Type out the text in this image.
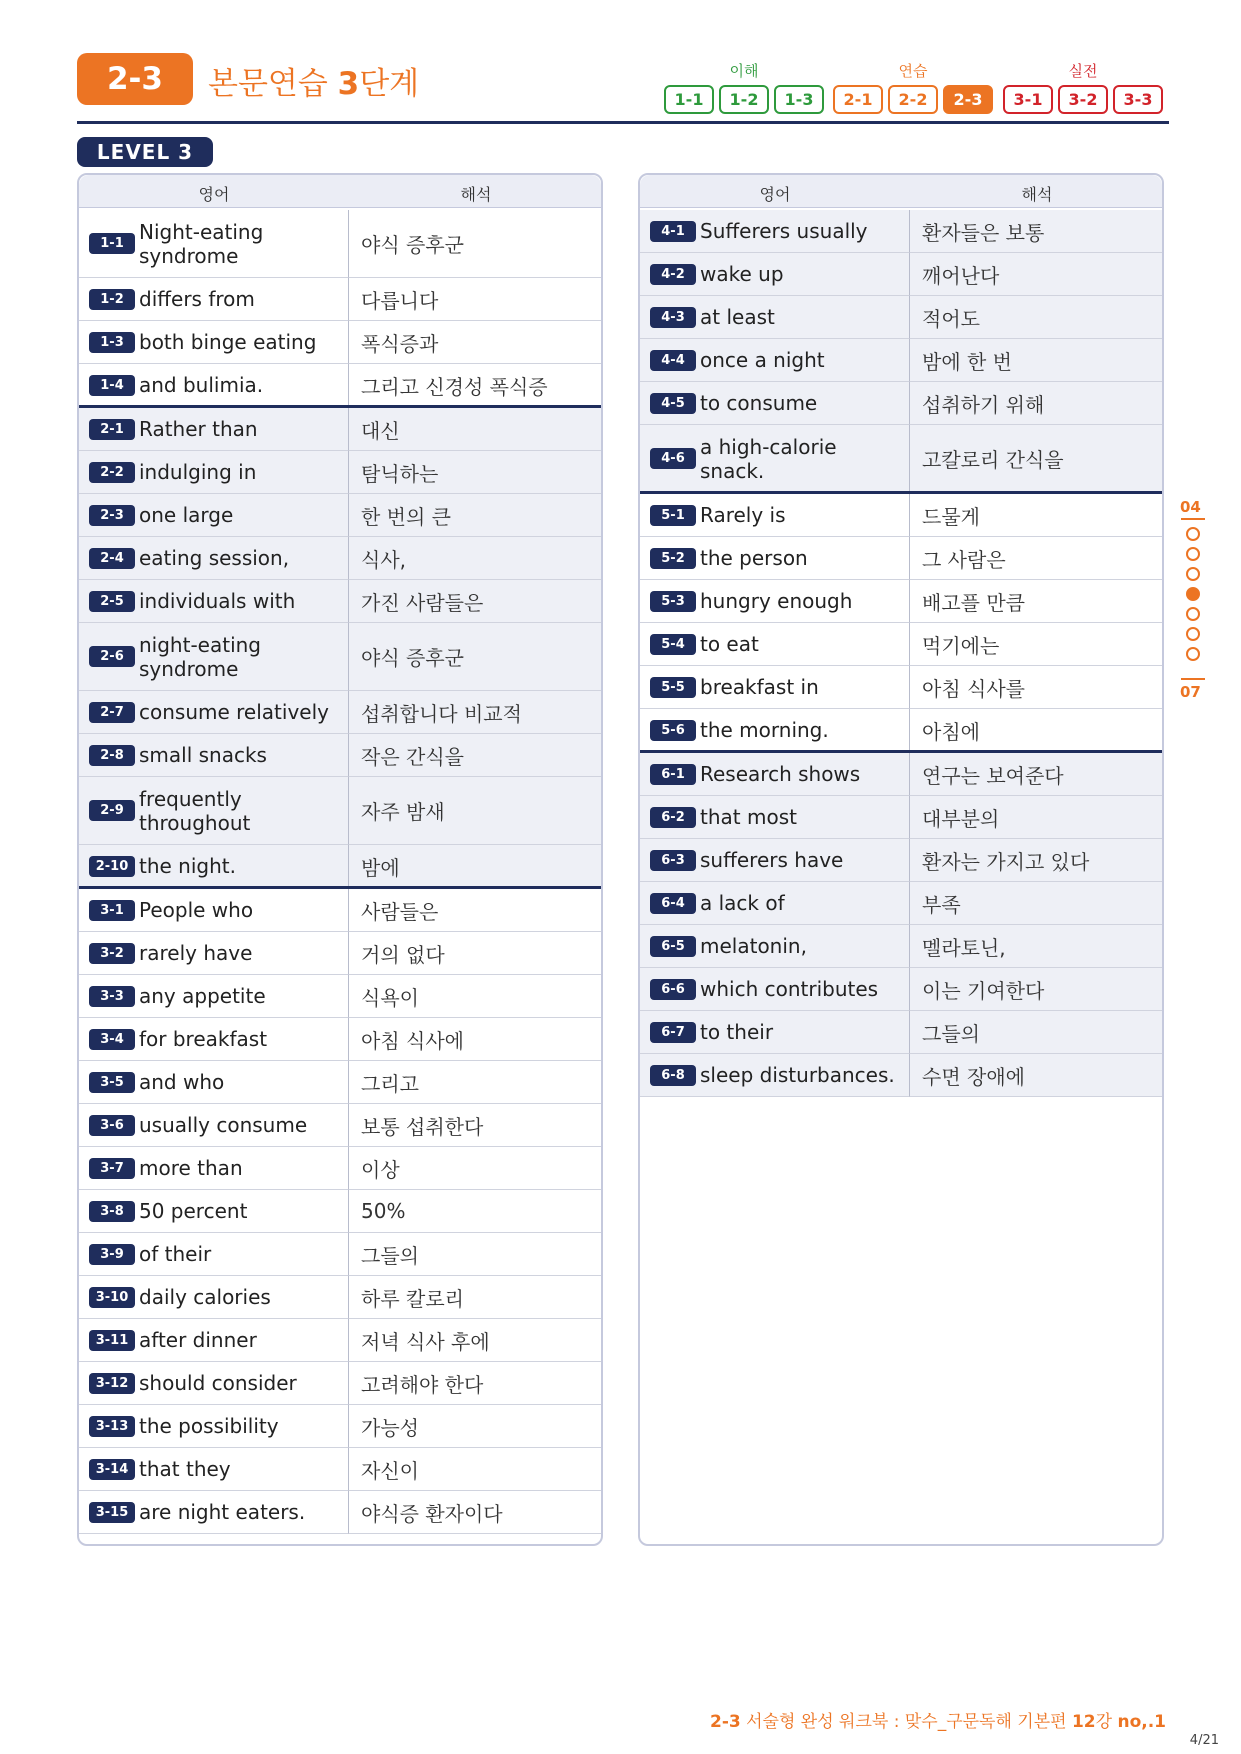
2-3	본문연습 3단계	이해
1-1	1-2	1-3
연습
2-1	2-2	2-3
실전
3-1	3-2	3-3
LEVEL 3
영어	해석
1-1 Night-eating syndrome	야식 증후군
1-2 differs from	다릅니다
1-3 both binge eating	폭식증과
1-4 and bulimia.	그리고 신경성 폭식증
2-1 Rather than	대신
2-2 indulging in	탐닉하는
2-3 one large	한 번의 큰
2-4 eating session,	식사,
2-5 individuals with	가진 사람들은
2-6 night-eating syndrome	야식 증후군
2-7 consume relatively	섭취합니다 비교적
2-8 small snacks	작은 간식을
2-9 frequently throughout	자주 밤새
2-10 the night.	밤에
3-1 People who	사람들은
3-2 rarely have	거의 없다
3-3 any appetite	식욕이
3-4 for breakfast	아침 식사에
3-5 and who	그리고
3-6 usually consume	보통 섭취한다
3-7 more than	이상
3-8 50 percent	50%
3-9 of their	그들의
3-10 daily calories	하루 칼로리
3-11 after dinner	저녁 식사 후에
3-12 should consider	고려해야 한다
3-13 the possibility	가능성
3-14 that they	자신이
3-15 are night eaters.	야식증 환자이다
영어	해석
4-1 Sufferers usually	환자들은 보통
4-2 wake up	깨어난다
4-3 at least	적어도
4-4 once a night	밤에 한 번
4-5 to consume	섭취하기 위해
4-6 a high-calorie snack.	고칼로리 간식을
5-1 Rarely is	드물게
5-2 the person	그 사람은
5-3 hungry enough	배고플 만큼
5-4 to eat	먹기에는
5-5 breakfast in	아침 식사를
5-6 the morning.	아침에
6-1 Research shows	연구는 보여준다
6-2 that most	대부분의
6-3 sufferers have	환자는 가지고 있다
6-4 a lack of	부족
6-5 melatonin,	멜라토닌,
6-6 which contributes	이는 기여한다
6-7 to their	그들의
6-8 sleep disturbances.	수면 장애에
04
07
2-3 서술형 완성 워크북 : 맞수_구문독해 기본편 12강 no,.1
4/21
